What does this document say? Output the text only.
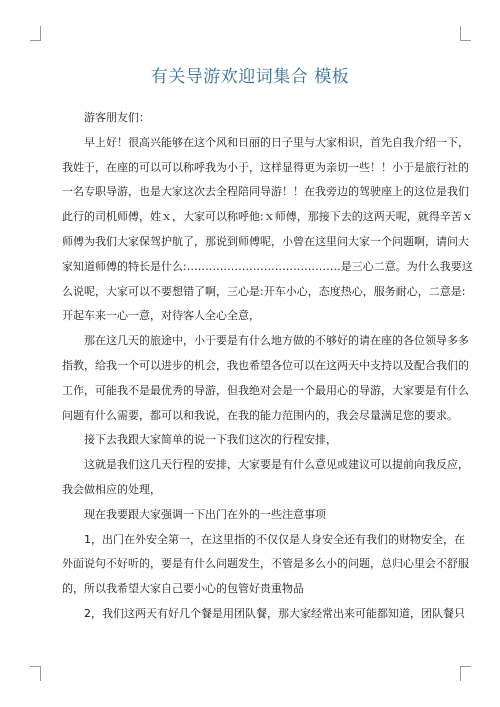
有关导游欢迎词集合 模板

游客朋友们：

早上好！很高兴能够在这个风和日丽的日子里与大家相识，首先自我介绍一下，
我姓于，在座的可以可以称呼我为小于，这样显得更为亲切一些！！小于是旅行社的
一名专职导游，也是大家这次去全程陪同导游！！在我旁边的驾驶座上的这位是我们
此行的司机师傅，姓ｘ，大家可以称呼他:ｘ师傅，那接下去的这两天呢，就得辛苦ｘ
师傅为我们大家保驾护航了，那说到师傅呢，小曾在这里问大家一个问题啊，请问大
家知道师傅的特长是什么:……………………………………是三心二意。为什么我要这
么说呢，大家可以不要想错了啊，三心是:开车小心，态度热心，服务耐心，二意是:
开起车来一心一意，对待客人全心全意，

那在这几天的旅途中，小于要是有什么地方做的不够好的请在座的各位领导多多
指教，给我一个可以进步的机会，我也希望各位可以在这两天中支持以及配合我们的
工作，可能我不是最优秀的导游，但我绝对会是一个最用心的导游，大家要是有什么
问题有什么需要，都可以和我说，在我的能力范围内的，我会尽量满足您的要求。

接下去我跟大家简单的说一下我们这次的行程安排，

这就是我们这几天行程的安排，大家要是有什么意见或建议可以提前向我反应，
我会做相应的处理，

现在我要跟大家强调一下出门在外的一些注意事项

1，出门在外安全第一，在这里指的不仅仅是人身安全还有我们的财物安全，在
外面说句不好听的，要是有什么问题发生，不管是多么小的问题，总归心里会不舒服
的，所以我希望大家自己要小心的包管好贵重物品

2，我们这两天有好几个餐是用团队餐，那大家经常出来可能都知道，团队餐只
